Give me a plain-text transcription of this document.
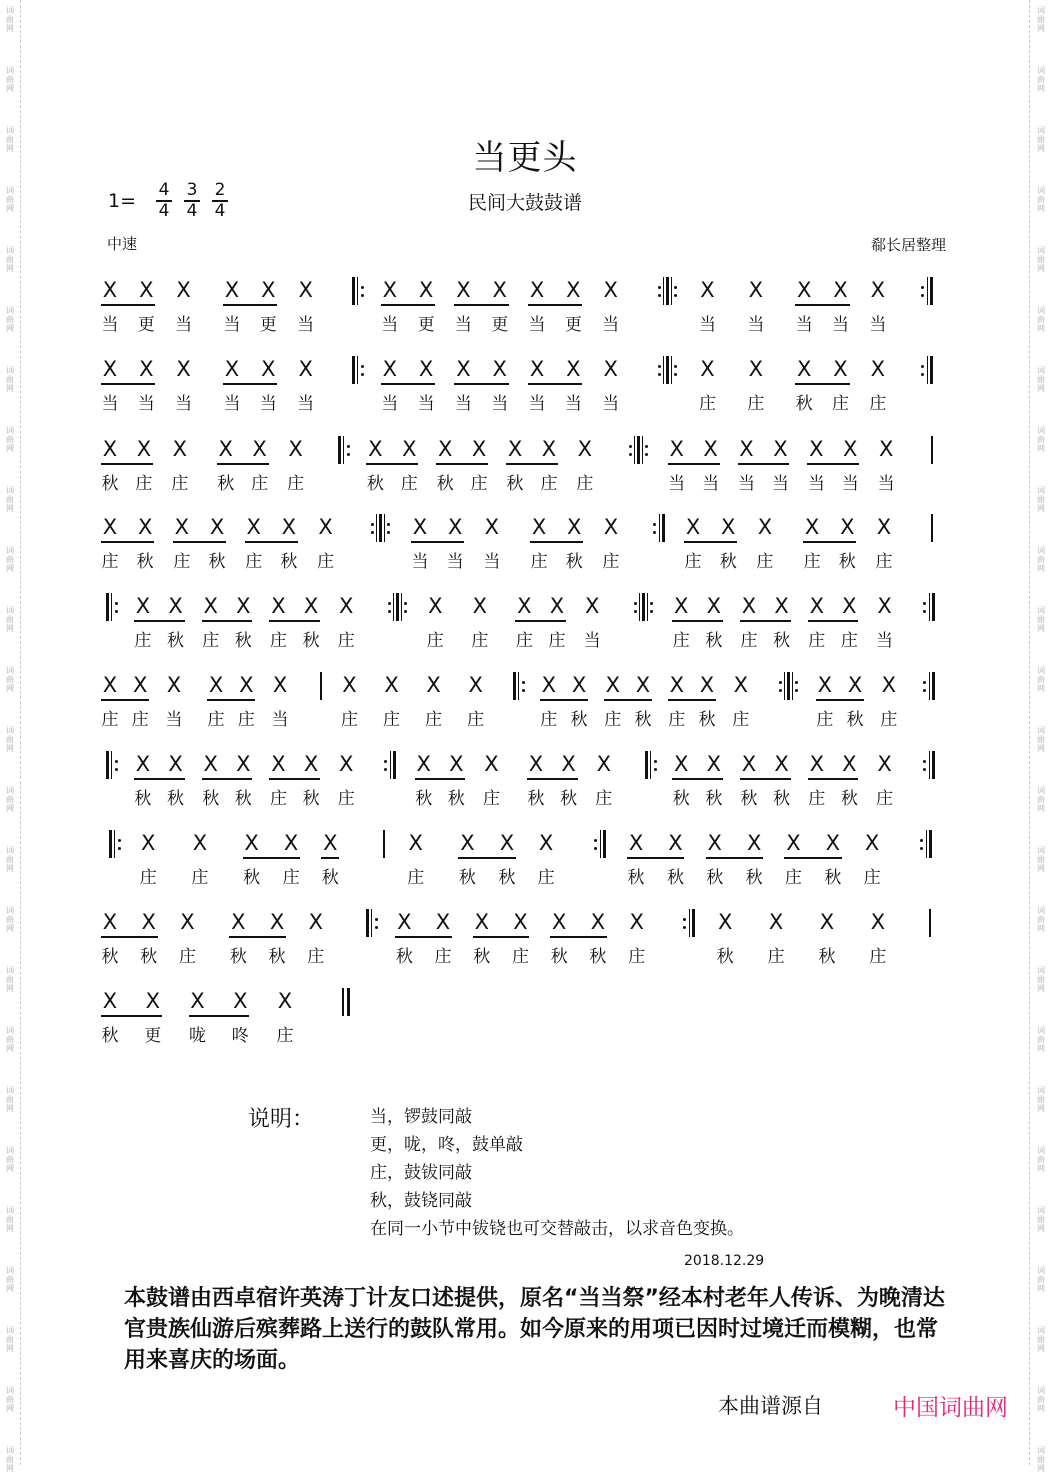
词
曲
网
词
曲
网
词
曲
网
词
曲
网
词
曲
网
词
曲
网
词
曲
网
词
曲
网
词
曲
网
词
曲
网
词
曲
网
词
曲
网
词
曲
网
词
曲
网
词
曲
网
词
曲
网
词
曲
网
词
曲
网
词
曲
网
词
曲
网
词
曲
网
词
曲
网
词
曲
网
词
曲
网
词
曲
网
词
曲
网
词
曲
网
词
曲
网
词
曲
网
词
曲
网
词
曲
网
词
曲
网
词
曲
网
词
曲
网
词
曲
网
词
曲
网
词
曲
网
词
曲
网
词
曲
网
词
曲
网
词
曲
网
词
曲
网
词
曲
网
词
曲
网
词
曲
网
词
曲
网
词
曲
网
词
曲
网
词
曲
网
词
曲
网
当更头
民间大鼓鼓谱
$1= \frac{4}{4} \frac{3}{4} \frac{2}{4}$
中速	郗长居整理
X X X X X X	X X X X X X X	X X X X X
当 更 当 当 更 当	当 更 当 更 当 更 当	当 当 当 当 当
X X X X X X	X X X X X X X	X X X X X
当 当 当 当 当 当	当 当 当 当 当 当 当	庄 庄 秋 庄 庄
X X X X X X	X X X X X X X	X X X X X X X
秋 庄 庄 秋 庄 庄	秋 庄 秋 庄 秋 庄 庄	当 当 当 当 当 当 当
X X X X X X X	X X X X X X	X X X X X X
庄 秋 庄 秋 庄 秋 庄	当 当 当 庄 秋 庄	庄 秋 庄 庄 秋 庄
X X X X X X X	X X X X X	X X X X X X X
庄 秋 庄 秋 庄 秋 庄	庄 庄 庄 庄 当	庄 秋 庄 秋 庄 庄 当
X X X X X X	X X X X	X X X X X X X	X X X
庄 庄 当 庄 庄 当	庄 庄 庄 庄	庄 秋 庄 秋 庄 秋 庄	庄 秋 庄
X X X X X X X	X X X X X X	X X X X X X X
秋 秋 秋 秋 庄 秋 庄	秋 秋 庄 秋 秋 庄	秋 秋 秋 秋 庄 秋 庄
X X X X X	X X X X	X X X X X X X
庄 庄 秋 庄 秋	庄 秋 秋 庄	秋 秋 秋 秋 庄 秋 庄
X X X X X X	X X X X X X X	X X X X
秋 秋 庄 秋 秋 庄	秋 庄 秋 庄 秋 秋 庄	秋 庄 秋 庄
X X X X X
秋 更 咙 咚 庄
说明：	当，锣鼓同敲
更，咙，咚，鼓单敲
庄，鼓钹同敲
秋，鼓铙同敲
在同一小节中钹铙也可交替敲击，以求音色变换。
2018.12.29
本鼓谱由西卓宿许英涛丁计友口述提供，原名“当当祭”经本村老年人传诉、为晚清达官贵族仙游后殡葬路上送行的鼓队常用。如今原来的用项已因时过境迁而模糊，也常用来喜庆的场面。
本曲谱源自	中国词曲网
